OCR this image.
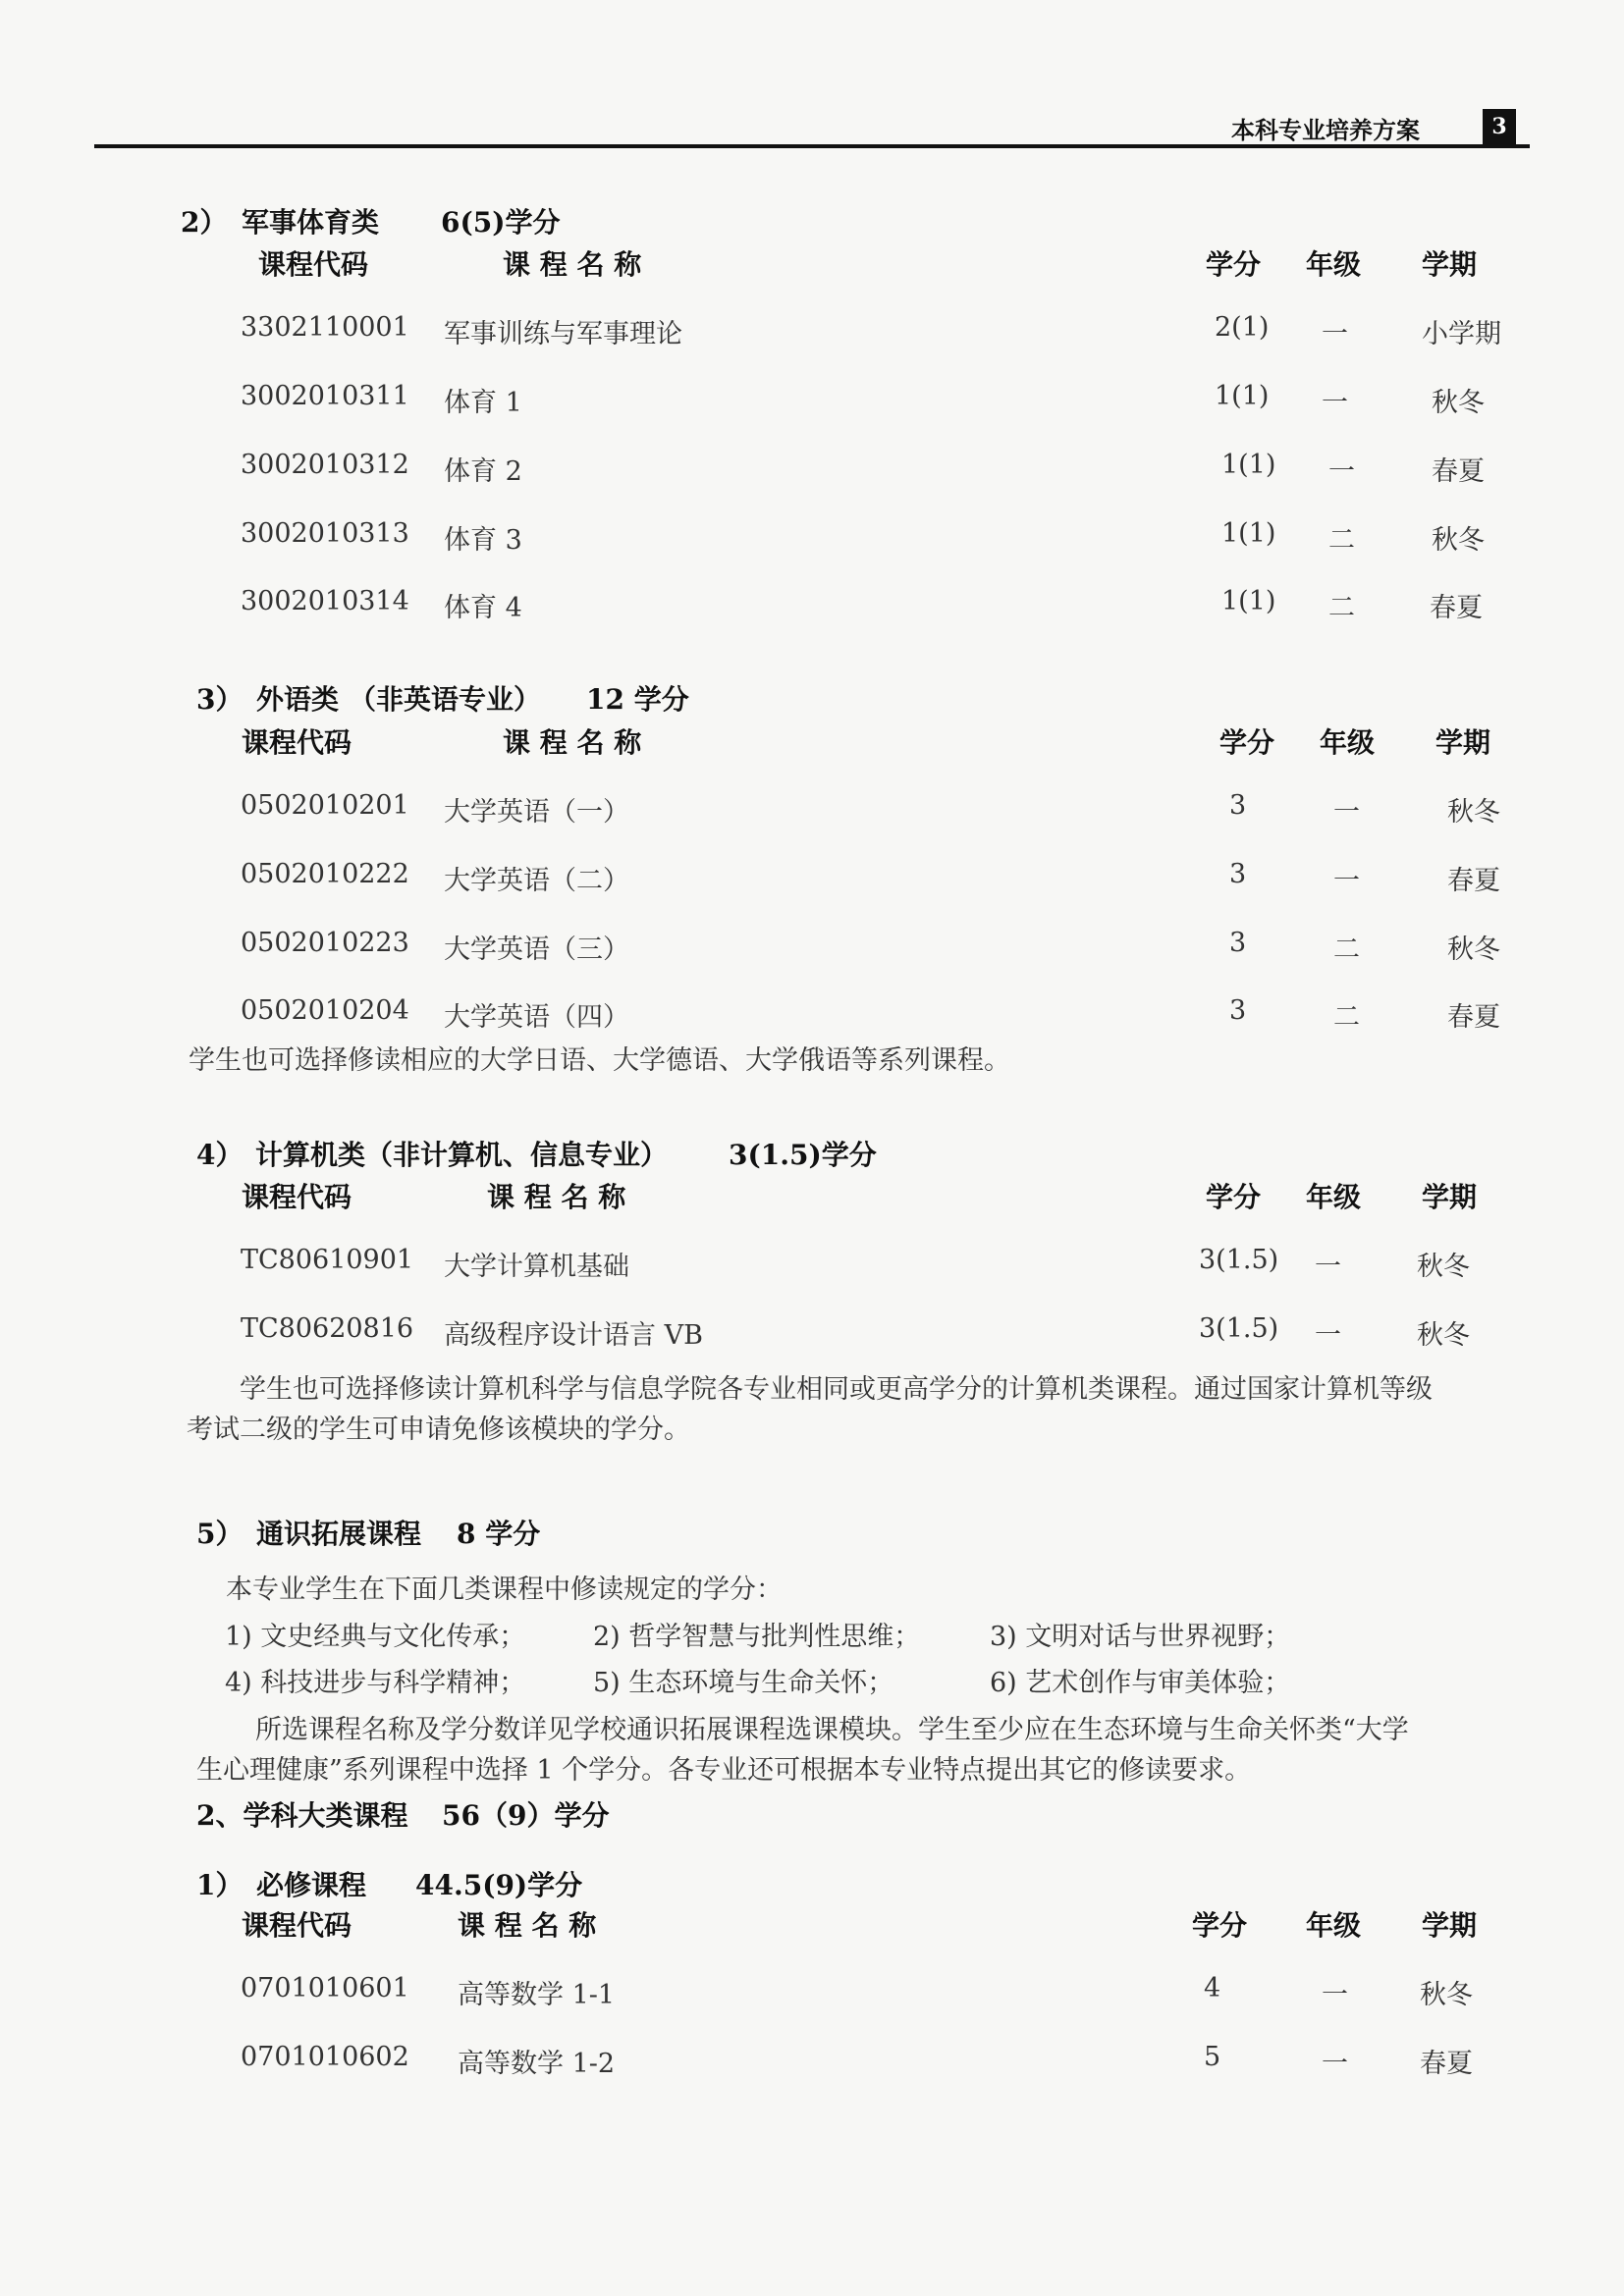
本科专业培养方案	3
2） 军事体育类 6(5)学分
课程代码	课 程 名 称	学分 年级 学期
3302110001 军事训练与军事理论	2(1) 一	小学期
3002010311 体育 1	1(1) 一	秋冬
3002010312 体育 2	1(1) 一	春夏
3002010313 体育 3	1(1) 二	秋冬
3002010314 体育 4	1(1) 二	春夏
3） 外语类 （非英语专业） 12 学分
课程代码	课 程 名 称	学分 年级 学期
0502010201 大学英语（一）	3	一	秋冬
0502010222 大学英语（二）	3	一	春夏
0502010223 大学英语（三）	3	二	秋冬
0502010204 大学英语（四）	3	二	春夏
学生也可选择修读相应的大学日语、大学德语、大学俄语等系列课程。
4） 计算机类（非计算机、信息专业） 3(1.5)学分
课程代码	课 程 名 称	学分 年级 学期
TC80610901 大学计算机基础	3(1.5) 一	秋冬
TC80620816 高级程序设计语言 VB	3(1.5) 一	秋冬
学生也可选择修读计算机科学与信息学院各专业相同或更高学分的计算机类课程。通过国家计算机等级
考试二级的学生可申请免修该模块的学分。
5） 通识拓展课程 8 学分
本专业学生在下面几类课程中修读规定的学分：
1) 文史经典与文化传承；	2) 哲学智慧与批判性思维；	3) 文明对话与世界视野；
4) 科技进步与科学精神；	5) 生态环境与生命关怀；	6) 艺术创作与审美体验；
所选课程名称及学分数详见学校通识拓展课程选课模块。学生至少应在生态环境与生命关怀类“大学
生心理健康”系列课程中选择 1 个学分。各专业还可根据本专业特点提出其它的修读要求。
2、学科大类课程 56（9）学分
1） 必修课程 44.5(9)学分
课程代码	课 程 名 称	学分 年级 学期
0701010601 高等数学 1-1	4	一	秋冬
0701010602 高等数学 1-2	5	一	春夏
